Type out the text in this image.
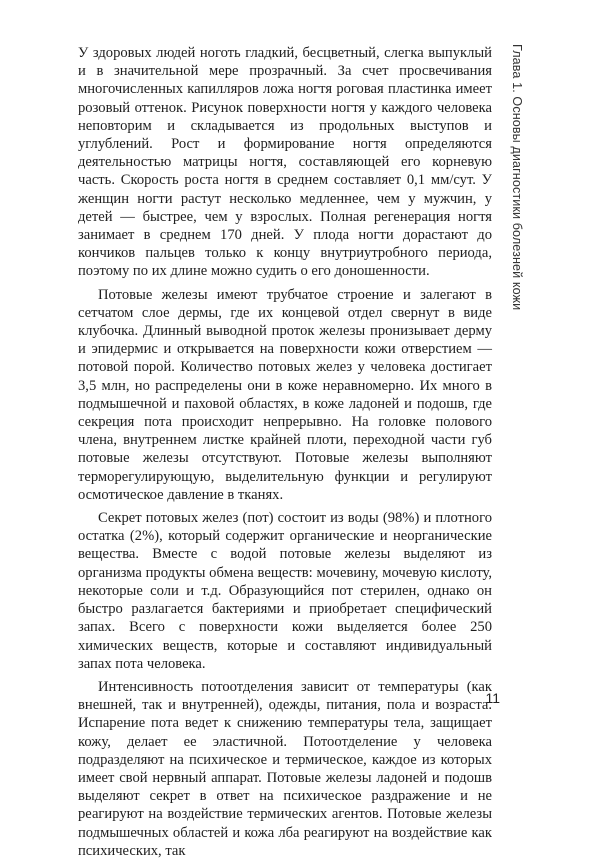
Глава 1. Основы диагностики болезней кожи

У здоровых людей ноготь гладкий, бесцветный, слегка выпуклый и в значительной мере прозрачный. За счет просвечивания многочисленных капилляров ложа ногтя роговая пластинка имеет розовый оттенок. Рисунок поверхности ногтя у каждого человека неповторим и складывается из продольных выступов и углублений. Рост и формирование ногтя определяются деятельностью матрицы ногтя, составляющей его корневую часть. Скорость роста ногтя в среднем составляет 0,1 мм/сут. У женщин ногти растут несколько медленнее, чем у мужчин, у детей — быстрее, чем у взрослых. Полная регенерация ногтя занимает в среднем 170 дней. У плода ногти дорастают до кончиков пальцев только к концу внутриутробного периода, поэтому по их длине можно судить о его доношенности.

Потовые железы имеют трубчатое строение и залегают в сетчатом слое дермы, где их концевой отдел свернут в виде клубочка. Длинный выводной проток железы пронизывает дерму и эпидермис и открывается на поверхности кожи отверстием — потовой порой. Количество потовых желез у человека достигает 3,5 млн, но распределены они в коже неравномерно. Их много в подмышечной и паховой областях, в коже ладоней и подошв, где секреция пота происходит непрерывно. На головке полового члена, внутреннем листке крайней плоти, переходной части губ потовые железы отсутствуют. Потовые железы выполняют терморегулирующую, выделительную функции и регулируют осмотическое давление в тканях.

Секрет потовых желез (пот) состоит из воды (98%) и плотного остатка (2%), который содержит органические и неорганические вещества. Вместе с водой потовые железы выделяют из организма продукты обмена веществ: мочевину, мочевую кислоту, некоторые соли и т.д. Образующийся пот стерилен, однако он быстро разлагается бактериями и приобретает специфический запах. Всего с поверхности кожи выделяется более 250 химических веществ, которые и составляют индивидуальный запах пота человека.

Интенсивность потоотделения зависит от температуры (как внешней, так и внутренней), одежды, питания, пола и возраста. Испарение пота ведет к снижению температуры тела, защищает кожу, делает ее эластичной. Потоотделение у человека подразделяют на психическое и термическое, каждое из которых имеет свой нервный аппарат. Потовые железы ладоней и подошв выделяют секрет в ответ на психическое раздражение и не реагируют на воздействие термических агентов. Потовые железы подмышечных областей и кожа лба реагируют на воздействие как психических, так

11
